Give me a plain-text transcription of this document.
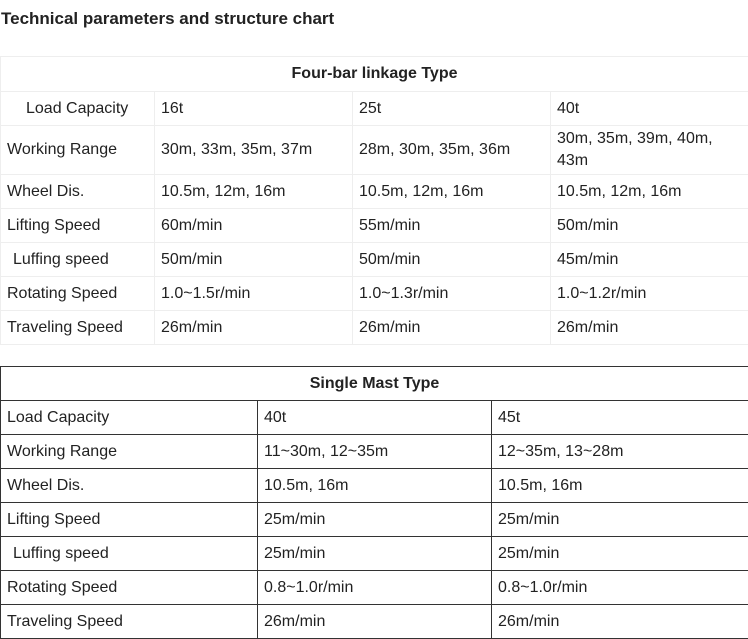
Technical parameters and structure chart
Four-bar linkage Type			
Load Capacity	16t	25t	40t
Working Range	30m, 33m, 35m, 37m	28m, 30m, 35m, 36m	30m, 35m, 39m, 40m, 43m
Wheel Dis.	10.5m, 12m, 16m	10.5m, 12m, 16m	10.5m, 12m, 16m
Lifting Speed	60m/min	55m/min	50m/min
Luffing speed	50m/min	50m/min	45m/min
Rotating Speed	1.0~1.5r/min	1.0~1.3r/min	1.0~1.2r/min
Traveling Speed	26m/min	26m/min	26m/min
Single Mast Type		
Load Capacity	40t	45t
Working Range	11~30m, 12~35m	12~35m, 13~28m
Wheel Dis.	10.5m, 16m	10.5m, 16m
Lifting Speed	25m/min	25m/min
Luffing speed	25m/min	25m/min
Rotating Speed	0.8~1.0r/min	0.8~1.0r/min
Traveling Speed	26m/min	26m/min
